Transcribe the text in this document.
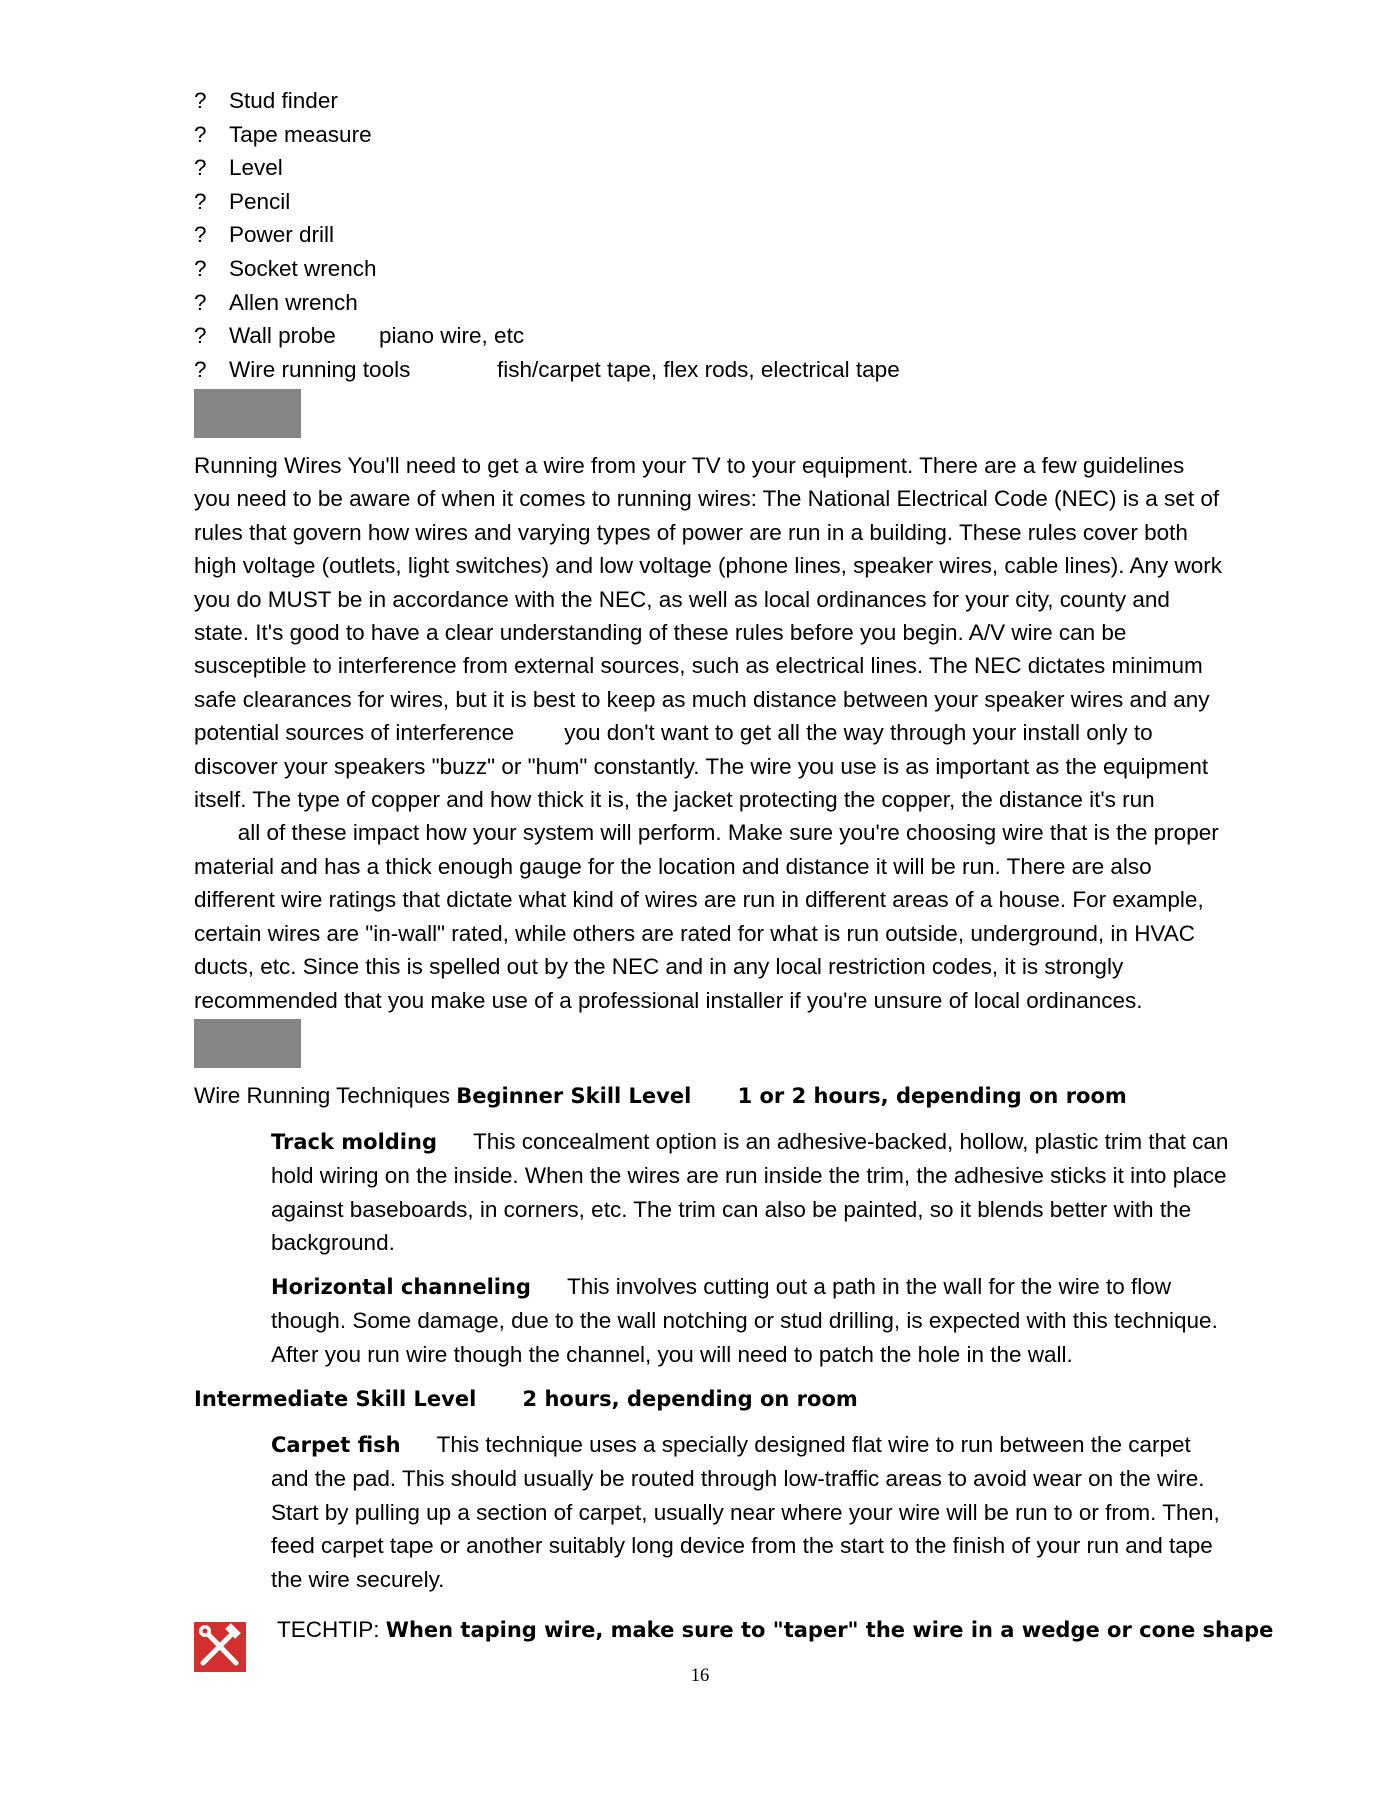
? Stud finder
? Tape measure
? Level
? Pencil
? Power drill
? Socket wrench
? Allen wrench
? Wall probe piano wire, etc
? Wire running tools	fish/carpet tape, flex rods, electrical tape
Running Wires You'll need to get a wire from your TV to your equipment. There are a few guidelines you need to be aware of when it comes to running wires: The National Electrical Code (NEC) is a set of rules that govern how wires and varying types of power are run in a building. These rules cover both high voltage (outlets, light switches) and low voltage (phone lines, speaker wires, cable lines). Any work you do MUST be in accordance with the NEC, as well as local ordinances for your city, county and state. It's good to have a clear understanding of these rules before you begin. A/V wire can be susceptible to interference from external sources, such as electrical lines. The NEC dictates minimum safe clearances for wires, but it is best to keep as much distance between your speaker wires and any potential sources of interference        you don't want to get all the way through your install only to discover your speakers "buzz" or "hum" constantly. The wire you use is as important as the equipment itself. The type of copper and how thick it is, the jacket protecting the copper, the distance it's run        all of these impact how your system will perform. Make sure you're choosing wire that is the proper material and has a thick enough gauge for the location and distance it will be run. There are also different wire ratings that dictate what kind of wires are run in different areas of a house. For example, certain wires are "in-wall" rated, while others are rated for what is run outside, underground, in HVAC ducts, etc. Since this is spelled out by the NEC and in any local restriction codes, it is strongly recommended that you make use of a professional installer if you're unsure of local ordinances.
Wire Running Techniques Beginner Skill Level 1 or 2 hours, depending on room
Track molding This concealment option is an adhesive-backed, hollow, plastic trim that can hold wiring on the inside. When the wires are run inside the trim, the adhesive sticks it into place against baseboards, in corners, etc. The trim can also be painted, so it blends better with the background.
Horizontal channeling This involves cutting out a path in the wall for the wire to flow though. Some damage, due to the wall notching or stud drilling, is expected with this technique. After you run wire though the channel, you will need to patch the hole in the wall.
Intermediate Skill Level 2 hours, depending on room
Carpet fish This technique uses a specially designed flat wire to run between the carpet and the pad. This should usually be routed through low-traffic areas to avoid wear on the wire. Start by pulling up a section of carpet, usually near where your wire will be run to or from. Then, feed carpet tape or another suitably long device from the start to the finish of your run and tape the wire securely.
TECHTIP: When taping wire, make sure to "taper" the wire in a wedge or cone shape
16
